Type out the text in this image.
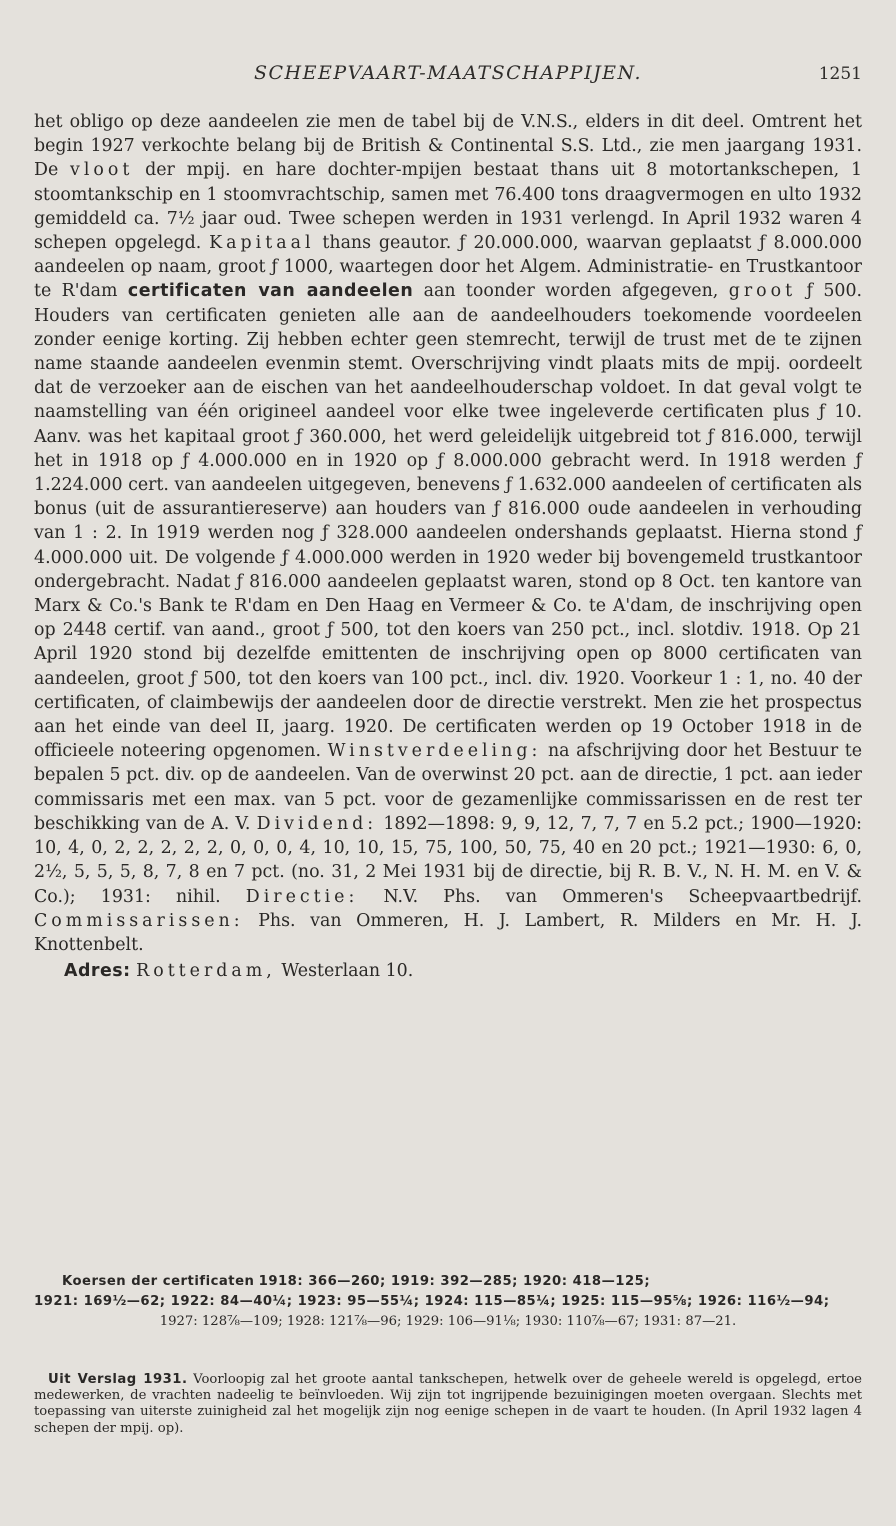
SCHEEPVAART-MAATSCHAPPIJEN.	1251

het obligo op deze aandeelen zie men de tabel bij de V.N.S., elders in dit deel. Omtrent het begin 1927 verkochte belang bij de British & Continental S.S. Ltd., zie men jaargang 1931. De vloot der mpij. en hare dochter-mpijen bestaat thans uit 8 motortankschepen, 1 stoomtankschip en 1 stoomvrachtschip, samen met 76.400 tons draagvermogen en ulto 1932 gemiddeld ca. 7½ jaar oud. Twee schepen werden in 1931 verlengd. In April 1932 waren 4 schepen opgelegd. Kapitaal thans geautor. ƒ 20.000.000, waarvan geplaatst ƒ 8.000.000 aandeelen op naam, groot ƒ 1000, waartegen door het Algem. Administratie- en Trustkantoor te R'dam certificaten van aandeelen aan toonder worden afgegeven, groot ƒ 500. Houders van certificaten genieten alle aan de aandeelhouders toekomende voordeelen zonder eenige korting. Zij hebben echter geen stemrecht, terwijl de trust met de te zijnen name staande aandeelen evenmin stemt. Overschrijving vindt plaats mits de mpij. oordeelt dat de verzoeker aan de eischen van het aandeelhouderschap voldoet. In dat geval volgt te naamstelling van één origineel aandeel voor elke twee ingeleverde certificaten plus ƒ 10. Aanv. was het kapitaal groot ƒ 360.000, het werd geleidelijk uitgebreid tot ƒ 816.000, terwijl het in 1918 op ƒ 4.000.000 en in 1920 op ƒ 8.000.000 gebracht werd. In 1918 werden ƒ 1.224.000 cert. van aandeelen uitgegeven, benevens ƒ 1.632.000 aandeelen of certificaten als bonus (uit de assurantiereserve) aan houders van ƒ 816.000 oude aandeelen in verhouding van 1 : 2. In 1919 werden nog ƒ 328.000 aandeelen ondershands geplaatst. Hierna stond ƒ 4.000.000 uit. De volgende ƒ 4.000.000 werden in 1920 weder bij bovengemeld trustkantoor ondergebracht. Nadat ƒ 816.000 aandeelen geplaatst waren, stond op 8 Oct. ten kantore van Marx & Co.'s Bank te R'dam en Den Haag en Vermeer & Co. te A'dam, de inschrijving open op 2448 certif. van aand., groot ƒ 500, tot den koers van 250 pct., incl. slotdiv. 1918. Op 21 April 1920 stond bij dezelfde emittenten de inschrijving open op 8000 certificaten van aandeelen, groot ƒ 500, tot den koers van 100 pct., incl. div. 1920. Voorkeur 1 : 1, no. 40 der certificaten, of claimbewijs der aandeelen door de directie verstrekt. Men zie het prospectus aan het einde van deel II, jaarg. 1920. De certificaten werden op 19 October 1918 in de officieele noteering opgenomen. Winstverdeeling: na afschrijving door het Bestuur te bepalen 5 pct. div. op de aandeelen. Van de overwinst 20 pct. aan de directie, 1 pct. aan ieder commissaris met een max. van 5 pct. voor de gezamenlijke commissarissen en de rest ter beschikking van de A. V. Dividend: 1892—1898: 9, 9, 12, 7, 7, 7 en 5.2 pct.; 1900—1920: 10, 4, 0, 2, 2, 2, 2, 2, 0, 0, 0, 4, 10, 10, 15, 75, 100, 50, 75, 40 en 20 pct.; 1921—1930: 6, 0, 2½, 5, 5, 5, 8, 7, 8 en 7 pct. (no. 31, 2 Mei 1931 bij de directie, bij R. B. V., N. H. M. en V. & Co.); 1931: nihil. Directie: N.V. Phs. van Ommeren's Scheepvaartbedrijf. Commissarissen: Phs. van Ommeren, H. J. Lambert, R. Milders en Mr. H. J. Knottenbelt.

Adres: Rotterdam, Westerlaan 10.

Koersen der certificaten 1918: 366—260; 1919: 392—285; 1920: 418—125;

1921: 169½—62; 1922: 84—40¼; 1923: 95—55¼; 1924: 115—85¼; 1925: 115—95⅝; 1926: 116½—94;

1927: 128⅞—109; 1928: 121⅞—96; 1929: 106—91⅛; 1930: 110⅞—67; 1931: 87—21.

Uit Verslag 1931. Voorloopig zal het groote aantal tankschepen, hetwelk over de geheele wereld is opgelegd, ertoe medewerken, de vrachten nadeelig te beïnvloeden. Wij zijn tot ingrijpende bezuinigingen moeten overgaan. Slechts met toepassing van uiterste zuinigheid zal het mogelijk zijn nog eenige schepen in de vaart te houden. (In April 1932 lagen 4 schepen der mpij. op).
